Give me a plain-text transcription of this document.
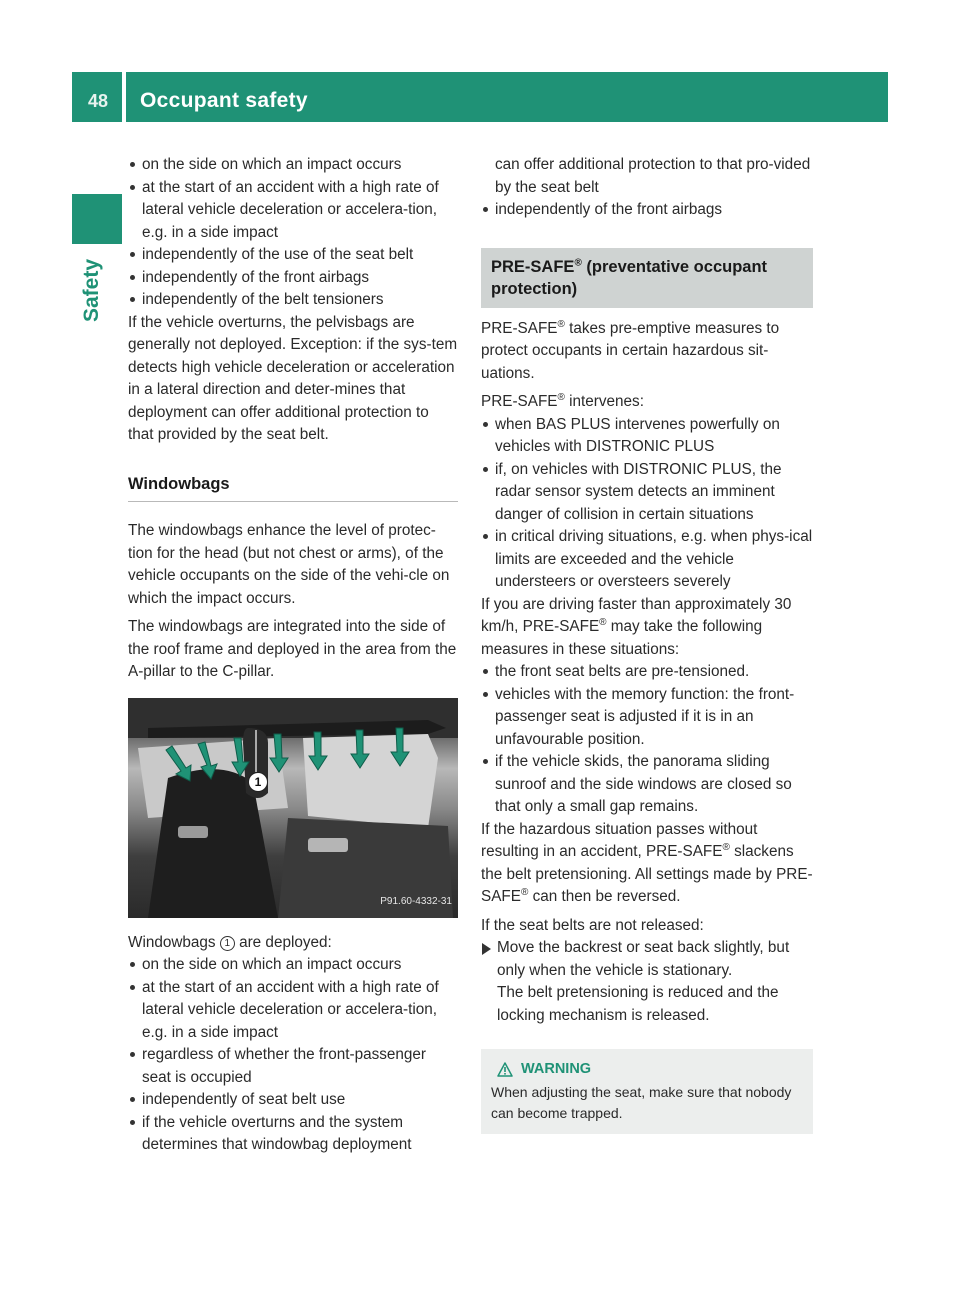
48 Occupant safety
Safety

on the side on which an impact occurs

at the start of an accident with a high rate of lateral vehicle deceleration or accelera-tion, e.g. in a side impact

independently of the use of the seat belt

independently of the front airbags

independently of the belt tensioners

If the vehicle overturns, the pelvisbags are generally not deployed. Exception: if the sys-tem detects high vehicle deceleration or acceleration in a lateral direction and deter-mines that deployment can offer additional protection to that provided by the seat belt.

Windowbags

The windowbags enhance the level of protec-tion for the head (but not chest or arms), of the vehicle occupants on the side of the vehi-cle on which the impact occurs.

The windowbags are integrated into the side of the roof frame and deployed in the area from the A-pillar to the C-pillar.

1
P91.60-4332-31

Windowbags 1 are deployed:

on the side on which an impact occurs

at the start of an accident with a high rate of lateral vehicle deceleration or accelera-tion, e.g. in a side impact

regardless of whether the front-passenger seat is occupied

independently of seat belt use

if the vehicle overturns and the system determines that windowbag deployment

can offer additional protection to that pro-vided by the seat belt

independently of the front airbags

PRE-SAFE® (preventative occupant protection)

PRE-SAFE® takes pre-emptive measures to protect occupants in certain hazardous sit-uations.

PRE-SAFE® intervenes:

when BAS PLUS intervenes powerfully on vehicles with DISTRONIC PLUS

if, on vehicles with DISTRONIC PLUS, the radar sensor system detects an imminent danger of collision in certain situations

in critical driving situations, e.g. when phys-ical limits are exceeded and the vehicle understeers or oversteers severely

If you are driving faster than approximately 30 km/h, PRE-SAFE® may take the following measures in these situations:

the front seat belts are pre-tensioned.

vehicles with the memory function: the front-passenger seat is adjusted if it is in an unfavourable position.

if the vehicle skids, the panorama sliding sunroof and the side windows are closed so that only a small gap remains.

If the hazardous situation passes without resulting in an accident, PRE-SAFE® slackens the belt pretensioning. All settings made by PRE-SAFE® can then be reversed.

If the seat belts are not released:

Move the backrest or seat back slightly, but only when the vehicle is stationary.

The belt pretensioning is reduced and the locking mechanism is released.

WARNING
When adjusting the seat, make sure that nobody can become trapped.
